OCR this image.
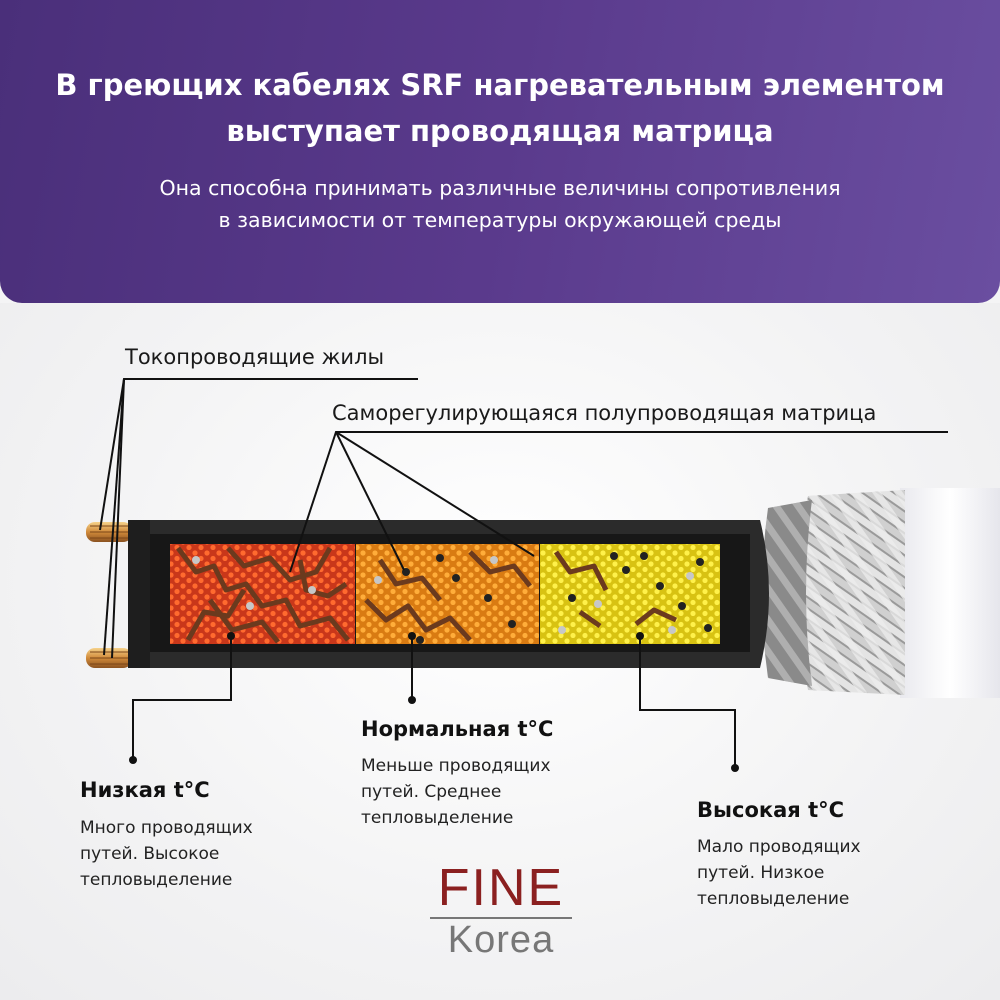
В греющих кабелях SRF нагревательным элементом
выступает проводящая матрица
Она способна принимать различные величины сопротивления
в зависимости от температуры окружающей среды
Токопроводящие жилы
Саморегулирующаяся полупроводящая матрица
Низкая t°С
Много проводящих
путей. Высокое
тепловыделение
Нормальная t°С
Меньше проводящих
путей. Среднее
тепловыделение	Высокая t°С
Мало проводящих
путей. Низкое
тепловыделение
FINE
Korea
